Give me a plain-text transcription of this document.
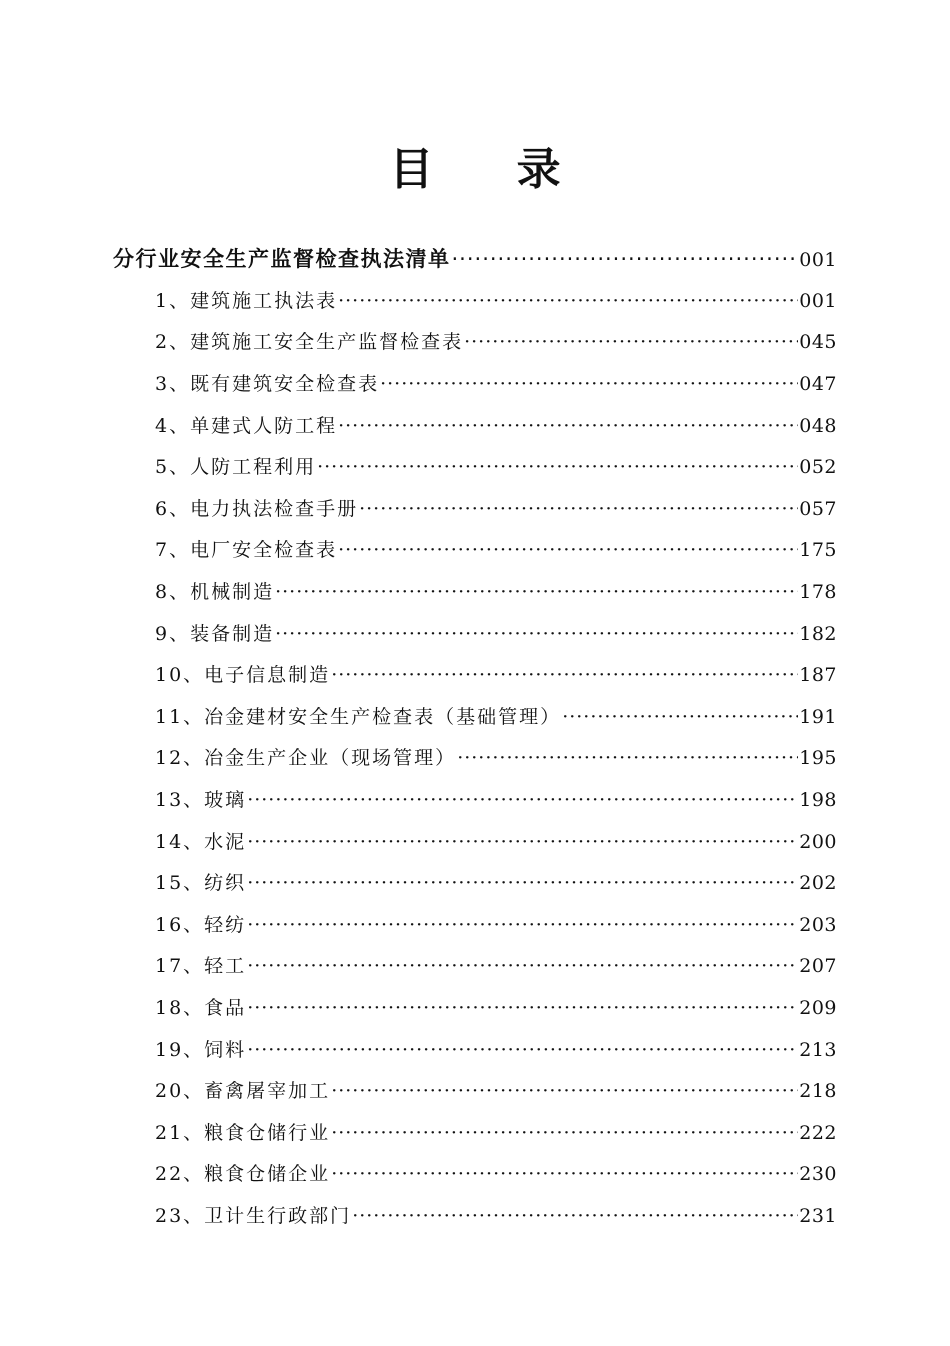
目 录
分行业安全生产监督检查执法清单 ·····	001
1、建筑施工执法表 ·····	001
2、建筑施工安全生产监督检查表 ·····	045
3、既有建筑安全检查表 ·····	047
4、单建式人防工程 ·····	048
5、人防工程利用 ·····	052
6、电力执法检查手册 ·····	057
7、电厂安全检查表 ·····	175
8、机械制造 ·····	178
9、装备制造 ·····	182
10、电子信息制造 ·····	187
11、冶金建材安全生产检查表（基础管理） ·····	191
12、冶金生产企业（现场管理） ·····	195
13、玻璃 ·····	198
14、水泥 ·····	200
15、纺织 ·····	202
16、轻纺 ·····	203
17、轻工 ·····	207
18、食品 ·····	209
19、饲料 ·····	213
20、畜禽屠宰加工 ·····	218
21、粮食仓储行业 ·····	222
22、粮食仓储企业 ·····	230
23、卫计生行政部门 ·····	231
